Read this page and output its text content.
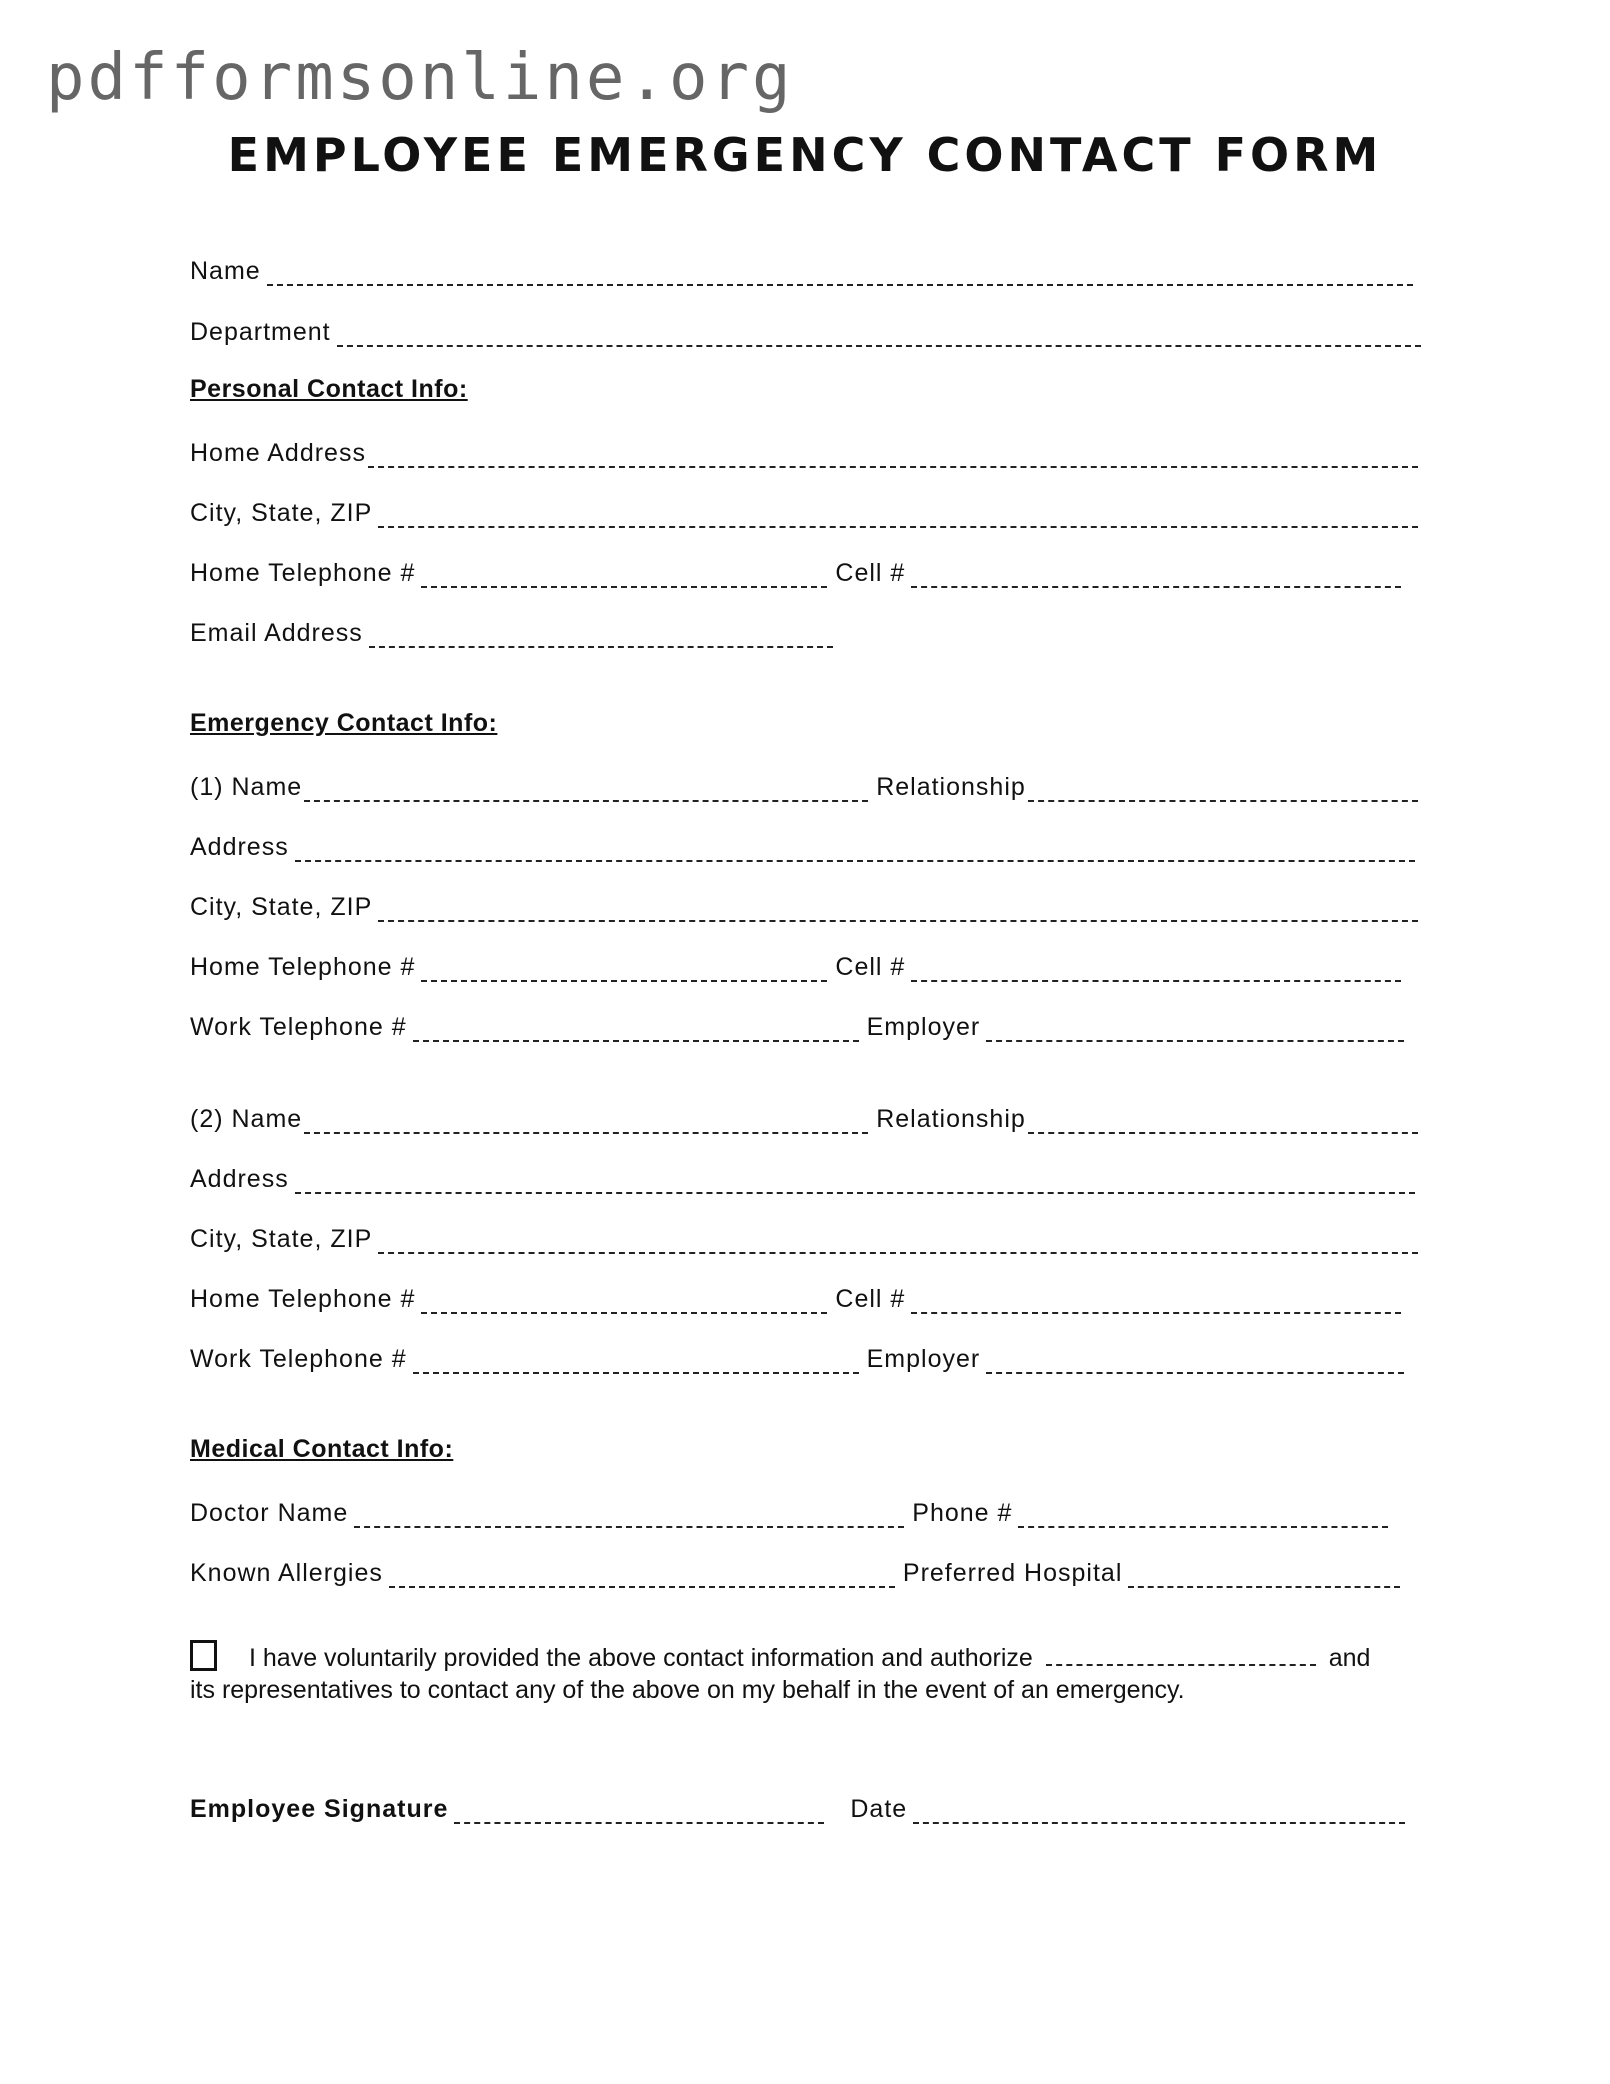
pdfformsonline.org
EMPLOYEE EMERGENCY CONTACT FORM
Name
Department
Personal Contact Info:
Home Address
City, State, ZIP
Home Telephone #	Cell #
Email Address
Emergency Contact Info:
(1) Name	Relationship
Address
City, State, ZIP
Home Telephone #	Cell #
Work Telephone #	Employer
(2) Name	Relationship
Address
City, State, ZIP
Home Telephone #	Cell #
Work Telephone #	Employer
Medical Contact Info:
Doctor Name	Phone #
Known Allergies	Preferred Hospital
I have voluntarily provided the above contact information and authorize	and
its representatives to contact any of the above on my behalf in the event of an emergency.
Employee Signature	Date
